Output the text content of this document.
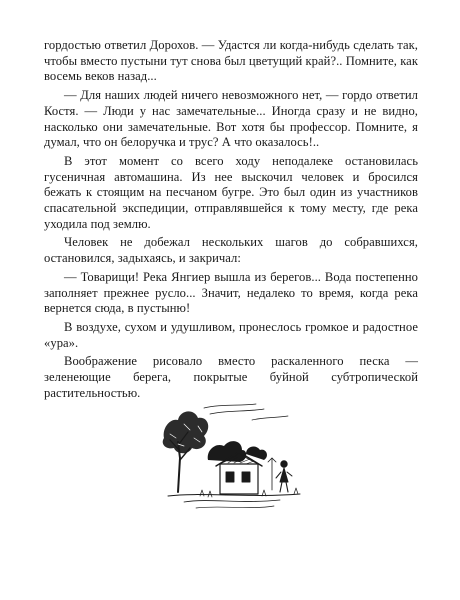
гордостью ответил Дорохов. — Удастся ли когда-нибудь сделать так, чтобы вместо пустыни тут снова был цветущий край?.. Помните, как восемь веков назад...

— Для наших людей ничего невозможного нет, — гордо ответил Костя. — Люди у нас замечательные... Иногда сразу и не видно, насколько они замечательные. Вот хотя бы профессор. Помните, я думал, что он белоручка и трус? А что оказалось!..

В этот момент со всего ходу неподалеке остановилась гусеничная автомашина. Из нее выскочил человек и бросился бежать к стоящим на песчаном бугре. Это был один из участников спасательной экспедиции, отправлявшейся к тому месту, где река уходила под землю.

Человек не добежал нескольких шагов до собравшихся, остановился, задыхаясь, и закричал:

— Товарищи! Река Янгиер вышла из берегов... Вода постепенно заполняет прежнее русло... Значит, недалеко то время, когда река вернется сюда, в пустыню!

В воздухе, сухом и удушливом, пронеслось громкое и радостное «ура».

Воображение рисовало вместо раскаленного песка — зеленеющие берега, покрытые буйной субтропической растительностью.
